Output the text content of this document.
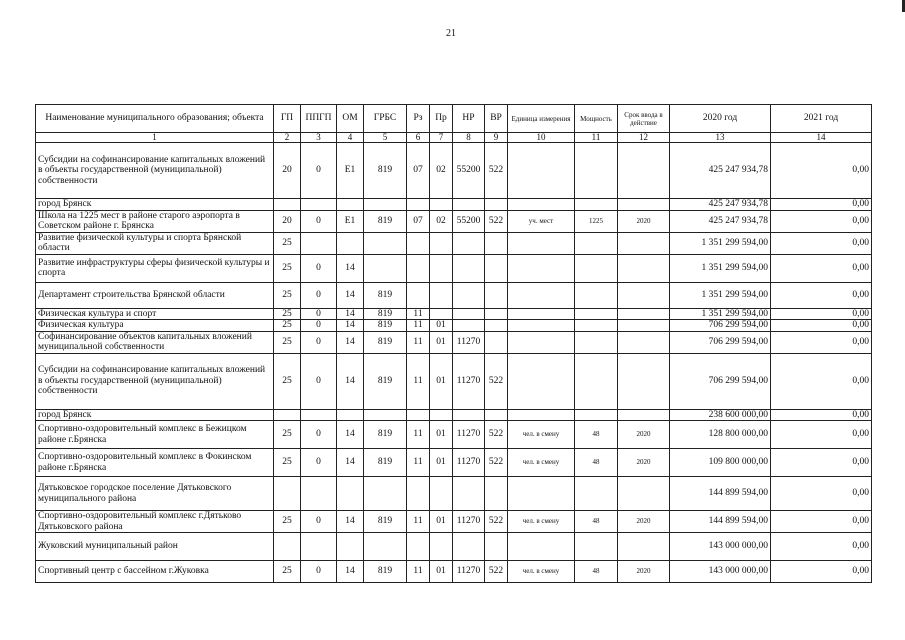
21
Наименование муниципального образования; объекта	ГП	ППГП	ОМ	ГРБС	Рз	Пр	НР	ВР	Единица измерения	Мощность	Срок ввода в действие	2020 год	2021 год
1	2	3	4	5	6	7	8	9	10	11	12	13	14
Субсидии на софинансирование капитальных вложений в объекты государственной (муниципальной) собственности	20	0	E1	819	07	02	55200	522				425 247 934,78	0,00
город Брянск												425 247 934,78	0,00
Школа на 1225 мест в районе старого аэропорта в Советском районе г. Брянска	20	0	E1	819	07	02	55200	522	уч. мест	1225	2020	425 247 934,78	0,00
Развитие физической культуры и спорта Брянской области	25											1 351 299 594,00	0,00
Развитие инфраструктуры сферы физической культуры и спорта	25	0	14									1 351 299 594,00	0,00
Департамент строительства Брянской области	25	0	14	819								1 351 299 594,00	0,00
Физическая культура и спорт	25	0	14	819	11							1 351 299 594,00	0,00
Физическая культура	25	0	14	819	11	01						706 299 594,00	0,00
Софинансирование объектов капитальных вложений муниципальной собственности	25	0	14	819	11	01	11270					706 299 594,00	0,00
Субсидии на софинансирование капитальных вложений в объекты государственной (муниципальной) собственности	25	0	14	819	11	01	11270	522				706 299 594,00	0,00
город Брянск												238 600 000,00	0,00
Спортивно-оздоровительный комплекс в Бежицком районе г.Брянска	25	0	14	819	11	01	11270	522	чел. в смену	48	2020	128 800 000,00	0,00
Спортивно-оздоровительный комплекс в Фокинском районе г.Брянска	25	0	14	819	11	01	11270	522	чел. в смену	48	2020	109 800 000,00	0,00
Дятьковское городское поселение Дятьковского муниципального района												144 899 594,00	0,00
Спортивно-оздоровительный комплекс г.Дятьково Дятьковского района	25	0	14	819	11	01	11270	522	чел. в смену	48	2020	144 899 594,00	0,00
Жуковский муниципальный район												143 000 000,00	0,00
Спортивный центр с бассейном г.Жуковка	25	0	14	819	11	01	11270	522	чел. в смену	48	2020	143 000 000,00	0,00
